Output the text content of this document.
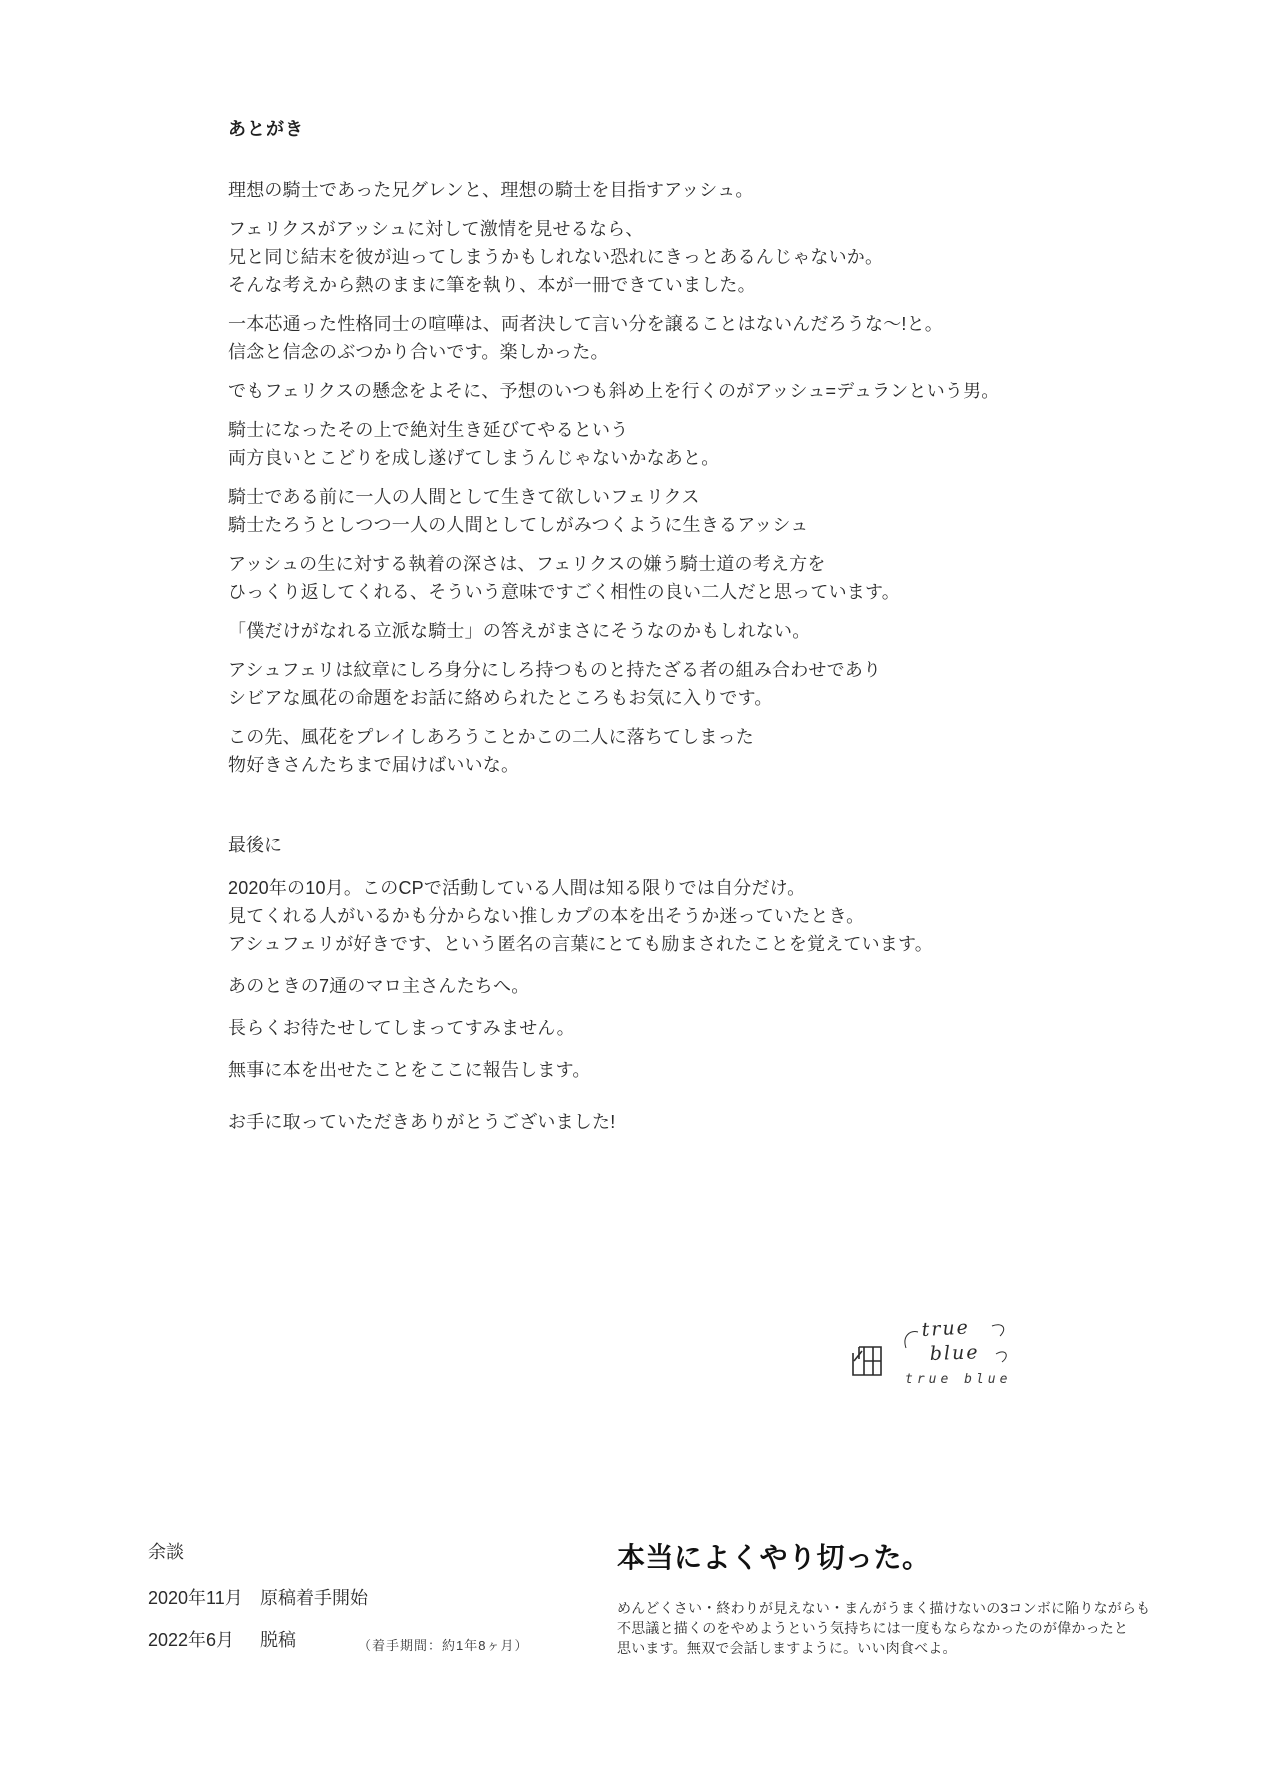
あとがき

理想の騎士であった兄グレンと、理想の騎士を目指すアッシュ。

フェリクスがアッシュに対して激情を見せるなら、
兄と同じ結末を彼が辿ってしまうかもしれない恐れにきっとあるんじゃないか。
そんな考えから熱のままに筆を執り、本が一冊できていました。

一本芯通った性格同士の喧嘩は、両者決して言い分を譲ることはないんだろうな～!と。
信念と信念のぶつかり合いです。楽しかった。

でもフェリクスの懸念をよそに、予想のいつも斜め上を行くのがアッシュ=デュランという男。

騎士になったその上で絶対生き延びてやるという
両方良いとこどりを成し遂げてしまうんじゃないかなあと。

騎士である前に一人の人間として生きて欲しいフェリクス
騎士たろうとしつつ一人の人間としてしがみつくように生きるアッシュ

アッシュの生に対する執着の深さは、フェリクスの嫌う騎士道の考え方を
ひっくり返してくれる、そういう意味ですごく相性の良い二人だと思っています。

「僕だけがなれる立派な騎士」の答えがまさにそうなのかもしれない。

アシュフェリは紋章にしろ身分にしろ持つものと持たざる者の組み合わせであり
シビアな風花の命題をお話に絡められたところもお気に入りです。

この先、風花をプレイしあろうことかこの二人に落ちてしまった
物好きさんたちまで届けばいいな。

最後に

2020年の10月。このCPで活動している人間は知る限りでは自分だけ。
見てくれる人がいるかも分からない推しカプの本を出そうか迷っていたとき。
アシュフェリが好きです、という匿名の言葉にとても励まされたことを覚えています。

あのときの7通のマロ主さんたちへ。

長らくお待たせしてしまってすみません。

無事に本を出せたことをここに報告します。

お手に取っていただきありがとうございました!

true
blue
true blue
余談
2020年11月 原稿着手開始
2022年6月	脱稿	（着手期間：約1年8ヶ月）
本当によくやり切った。
めんどくさい・終わりが見えない・まんがうまく描けないの3コンボに陥りながらも
不思議と描くのをやめようという気持ちには一度もならなかったのが偉かったと
思います。無双で会話しますように。いい肉食べよ。
